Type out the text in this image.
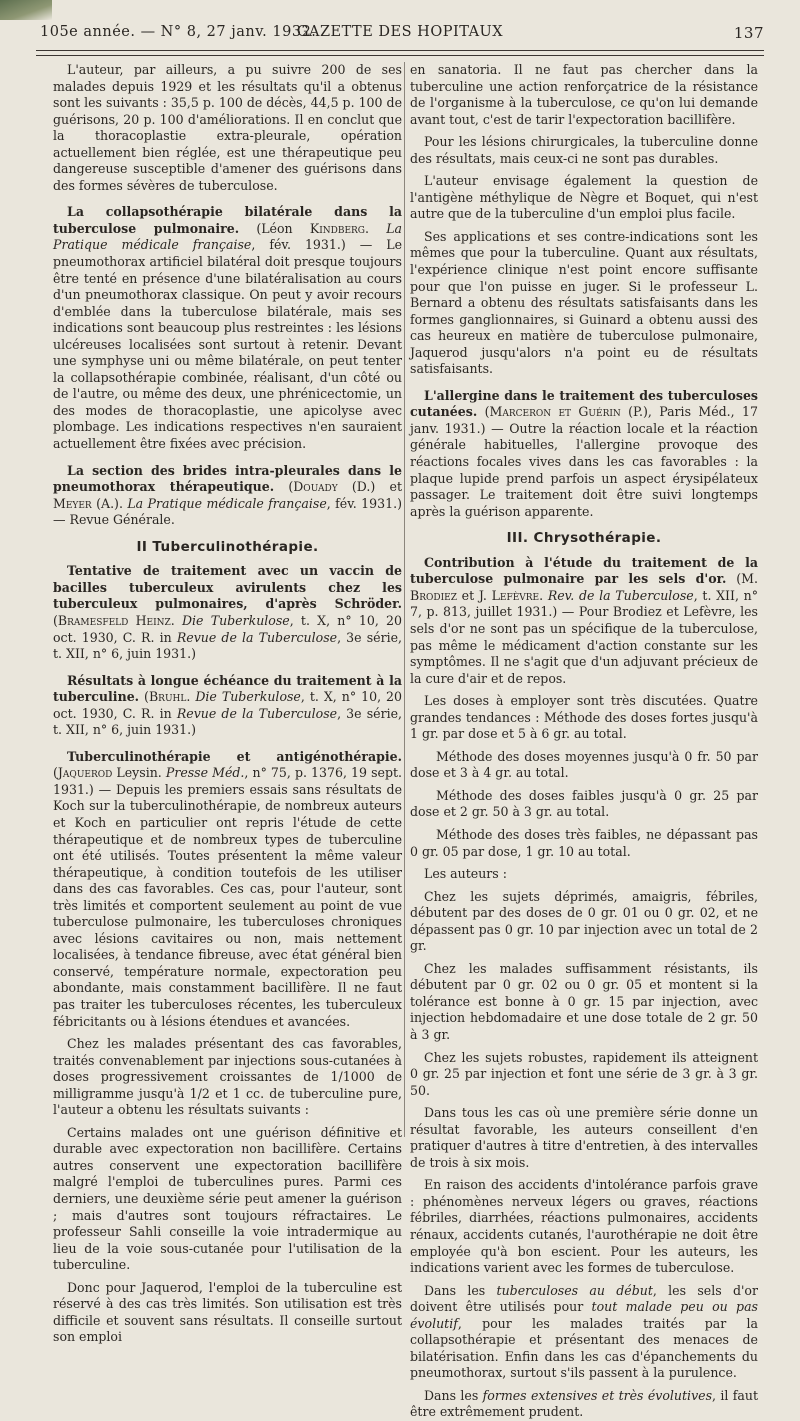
105e année. — N° 8, 27 janv. 1932.
GAZETTE DES HOPITAUX	137

L'auteur, par ailleurs, a pu suivre 200 de ses malades depuis 1929 et les résultats qu'il a obtenus sont les suivants : 35,5 p. 100 de décès, 44,5 p. 100 de guérisons, 20 p. 100 d'améliorations. Il en conclut que la thoracoplastie extra-pleurale, opération actuellement bien réglée, est une thérapeutique peu dangereuse susceptible d'amener des guérisons dans des formes sévères de tuberculose.

La collapsothérapie bilatérale dans la tuberculose pulmonaire. (Léon Kindberg. La Pratique médicale française, fév. 1931.) — Le pneumothorax artificiel bilatéral doit presque toujours être tenté en présence d'une bilatéralisation au cours d'un pneumothorax classique. On peut y avoir recours d'emblée dans la tuberculose bilatérale, mais ses indications sont beaucoup plus restreintes : les lésions ulcéreuses localisées sont surtout à retenir. Devant une symphyse uni ou même bilatérale, on peut tenter la collapsothérapie combinée, réalisant, d'un côté ou de l'autre, ou même des deux, une phrénicectomie, un des modes de thoracoplastie, une apicolyse avec plombage. Les indications respectives n'en sauraient actuellement être fixées avec précision.

La section des brides intra-pleurales dans le pneumothorax thérapeutique. (Douady (D.) et Meyer (A.). La Pratique médicale française, fév. 1931.) — Revue Générale.

II Tuberculinothérapie.

Tentative de traitement avec un vaccin de bacilles tuberculeux avirulents chez les tuberculeux pulmonaires, d'après Schröder. (Bramesfeld Heinz. Die Tuberkulose, t. X, n° 10, 20 oct. 1930, C. R. in Revue de la Tuberculose, 3e série, t. XII, n° 6, juin 1931.)

Résultats à longue échéance du traitement à la tuberculine. (Bruhl. Die Tuberkulose, t. X, n° 10, 20 oct. 1930, C. R. in Revue de la Tuberculose, 3e série, t. XII, n° 6, juin 1931.)

Tuberculinothérapie et antigénothérapie. (Jaquerod Leysin. Presse Méd., n° 75, p. 1376, 19 sept. 1931.) — Depuis les premiers essais sans résultats de Koch sur la tuberculinothérapie, de nombreux auteurs et Koch en particulier ont repris l'étude de cette thérapeutique et de nombreux types de tuberculine ont été utilisés. Toutes présentent la même valeur thérapeutique, à condition toutefois de les utiliser dans des cas favorables. Ces cas, pour l'auteur, sont très limités et comportent seulement au point de vue tuberculose pulmonaire, les tuberculoses chroniques avec lésions cavitaires ou non, mais nettement localisées, à tendance fibreuse, avec état général bien conservé, température normale, expectoration peu abondante, mais constamment bacillifère. Il ne faut pas traiter les tuberculoses récentes, les tuberculeux fébricitants ou à lésions étendues et avancées.

Chez les malades présentant des cas favorables, traités convenablement par injections sous-cutanées à doses progressivement croissantes de 1/1000 de milligramme jusqu'à 1/2 et 1 cc. de tuberculine pure, l'auteur a obtenu les résultats suivants :

Certains malades ont une guérison définitive et durable avec expectoration non bacillifère. Certains autres conservent une expectoration bacillifère malgré l'emploi de tuberculines pures. Parmi ces derniers, une deuxième série peut amener la guérison ; mais d'autres sont toujours réfractaires. Le professeur Sahli conseille la voie intradermique au lieu de la voie sous-cutanée pour l'utilisation de la tuberculine.

Donc pour Jaquerod, l'emploi de la tuberculine est réservé à des cas très limités. Son utilisation est très difficile et souvent sans résultats. Il conseille surtout son emploi

en sanatoria. Il ne faut pas chercher dans la tuberculine une action renforçatrice de la résistance de l'organisme à la tuberculose, ce qu'on lui demande avant tout, c'est de tarir l'expectoration bacillifère.

Pour les lésions chirurgicales, la tuberculine donne des résultats, mais ceux-ci ne sont pas durables.

L'auteur envisage également la question de l'antigène méthylique de Nègre et Boquet, qui n'est autre que de la tuberculine d'un emploi plus facile.

Ses applications et ses contre-indications sont les mêmes que pour la tuberculine. Quant aux résultats, l'expérience clinique n'est point encore suffisante pour que l'on puisse en juger. Si le professeur L. Bernard a obtenu des résultats satisfaisants dans les formes ganglionnaires, si Guinard a obtenu aussi des cas heureux en matière de tuberculose pulmonaire, Jaquerod jusqu'alors n'a point eu de résultats satisfaisants.

L'allergine dans le traitement des tuberculoses cutanées. (Marceron et Guérin (P.), Paris Méd., 17 janv. 1931.) — Outre la réaction locale et la réaction générale habituelles, l'allergine provoque des réactions focales vives dans les cas favorables : la plaque lupide prend parfois un aspect érysipélateux passager. Le traitement doit être suivi longtemps après la guérison apparente.

III. Chrysothérapie.

Contribution à l'étude du traitement de la tuberculose pulmonaire par les sels d'or. (M. Brodiez et J. Lefèvre. Rev. de la Tuberculose, t. XII, n° 7, p. 813, juillet 1931.) — Pour Brodiez et Lefèvre, les sels d'or ne sont pas un spécifique de la tuberculose, pas même le médicament d'action constante sur les symptômes. Il ne s'agit que d'un adjuvant précieux de la cure d'air et de repos.

Les doses à employer sont très discutées. Quatre grandes tendances : Méthode des doses fortes jusqu'à 1 gr. par dose et 5 à 6 gr. au total.

Méthode des doses moyennes jusqu'à 0 fr. 50 par dose et 3 à 4 gr. au total.

Méthode des doses faibles jusqu'à 0 gr. 25 par dose et 2 gr. 50 à 3 gr. au total.

Méthode des doses très faibles, ne dépassant pas 0 gr. 05 par dose, 1 gr. 10 au total.

Les auteurs :

Chez les sujets déprimés, amaigris, fébriles, débutent par des doses de 0 gr. 01 ou 0 gr. 02, et ne dépassent pas 0 gr. 10 par injection avec un total de 2 gr.

Chez les malades suffisamment résistants, ils débutent par 0 gr. 02 ou 0 gr. 05 et montent si la tolérance est bonne à 0 gr. 15 par injection, avec injection hebdomadaire et une dose totale de 2 gr. 50 à 3 gr.

Chez les sujets robustes, rapidement ils atteignent 0 gr. 25 par injection et font une série de 3 gr. à 3 gr. 50.

Dans tous les cas où une première série donne un résultat favorable, les auteurs conseillent d'en pratiquer d'autres à titre d'entretien, à des intervalles de trois à six mois.

En raison des accidents d'intolérance parfois grave : phénomènes nerveux légers ou graves, réactions fébriles, diarrhées, réactions pulmonaires, accidents rénaux, accidents cutanés, l'aurothérapie ne doit être employée qu'à bon escient. Pour les auteurs, les indications varient avec les formes de tuberculose.

Dans les tuberculoses au début, les sels d'or doivent être utilisés pour tout malade peu ou pas évolutif, pour les malades traités par la collapsothérapie et présentant des menaces de bilatérisation. Enfin dans les cas d'épanchements du pneumothorax, surtout s'ils passent à la purulence.

Dans les formes extensives et très évolutives, il faut être extrêmement prudent.
